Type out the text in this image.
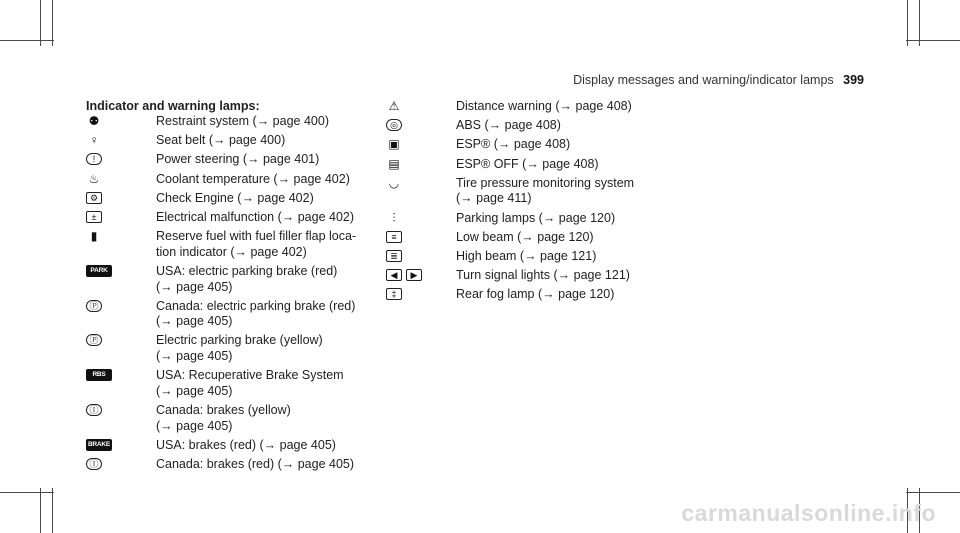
Display messages and warning/indicator lamps 399
Indicator and warning lamps:
⚉	Restraint system (→ page 400)
♀	Seat belt (→ page 400)
!	Power steering (→ page 401)
♨	Coolant temperature (→ page 402)
⚙	Check Engine (→ page 402)
±	Electrical malfunction (→ page 402)
▮	Reserve fuel with fuel filler flap loca-
tion indicator (→ page 402)
PARK	USA: electric parking brake (red)
(→ page 405)
Ⓟ	Canada: electric parking brake (red)
(→ page 405)
Ⓟ	Electric parking brake (yellow)
(→ page 405)
RBS	USA: Recuperative Brake System
(→ page 405)
Ⓘ	Canada: brakes (yellow)
(→ page 405)
BRAKE	USA: brakes (red) (→ page 405)
Ⓘ	Canada: brakes (red) (→ page 405)
⚠	Distance warning (→ page 408)
◎	ABS (→ page 408)
▣	ESP® (→ page 408)
▤	ESP® OFF (→ page 408)
◡	Tire pressure monitoring system
(→ page 411)
⫶	Parking lamps (→ page 120)
≡	Low beam (→ page 120)
≣	High beam (→ page 121)
◀	▶	Turn signal lights (→ page 121)
‡	Rear fog lamp (→ page 120)
carmanualsonline.info
